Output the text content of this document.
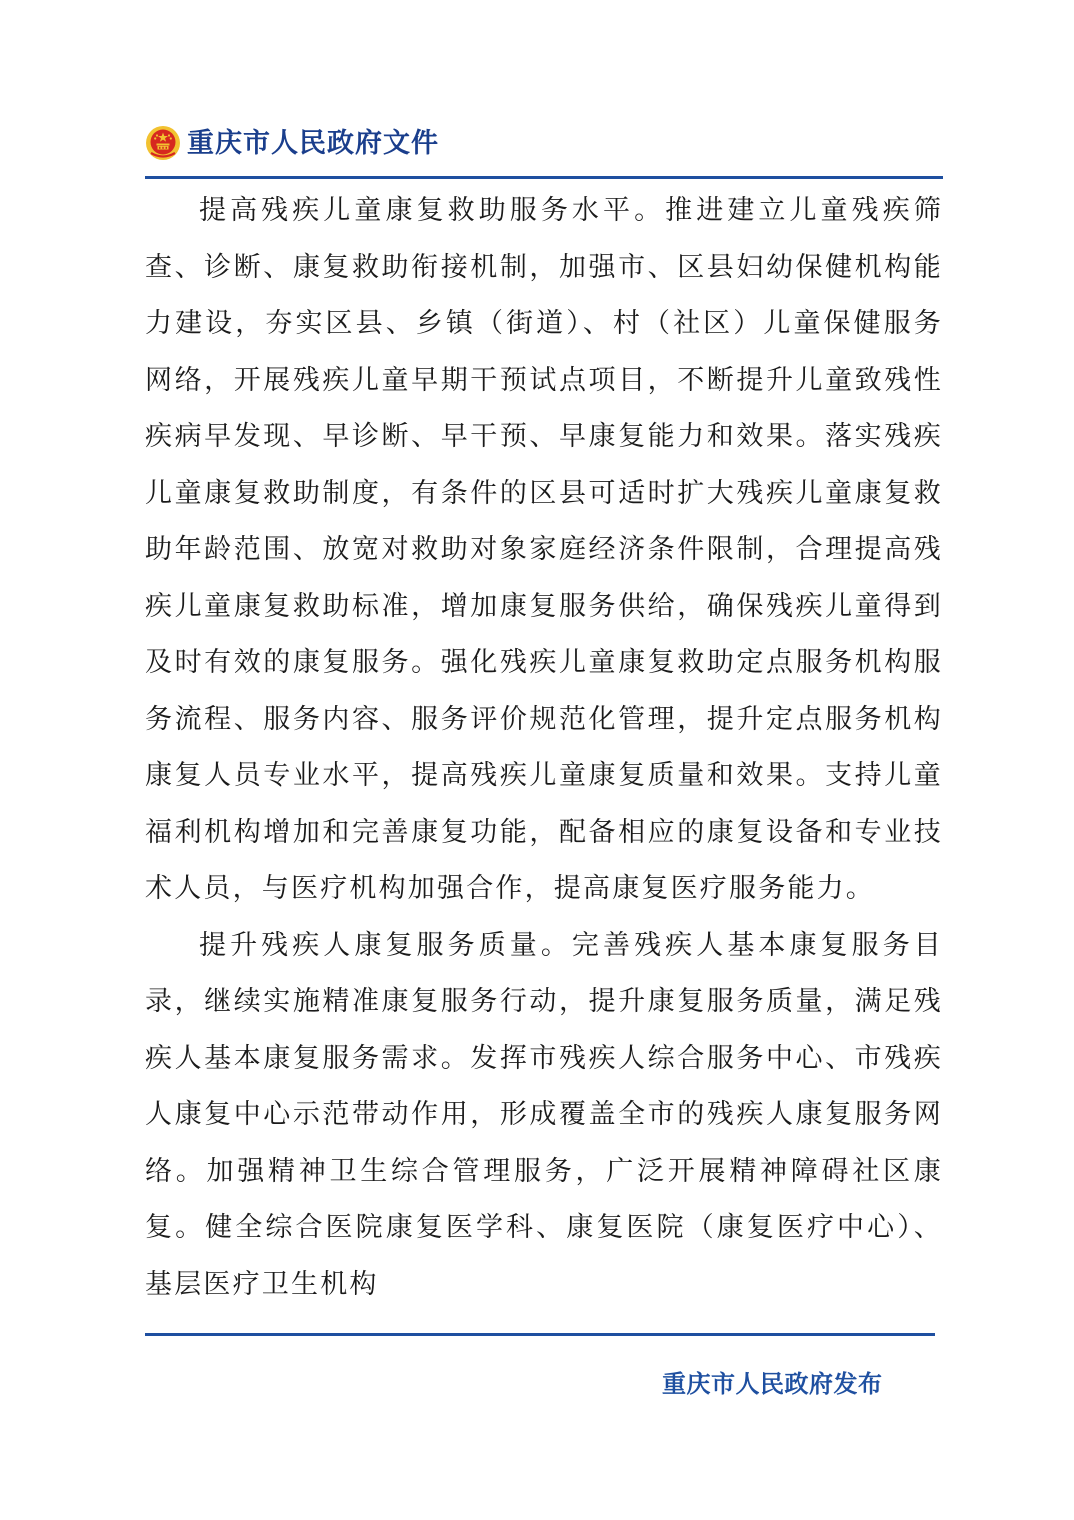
重庆市人民政府文件

提高残疾儿童康复救助服务水平。推进建立儿童残疾筛查、诊断、康复救助衔接机制，加强市、区县妇幼保健机构能力建设，夯实区县、乡镇（街道）、村（社区）儿童保健服务网络，开展残疾儿童早期干预试点项目，不断提升儿童致残性疾病早发现、早诊断、早干预、早康复能力和效果。落实残疾儿童康复救助制度，有条件的区县可适时扩大残疾儿童康复救助年龄范围、放宽对救助对象家庭经济条件限制，合理提高残疾儿童康复救助标准，增加康复服务供给，确保残疾儿童得到及时有效的康复服务。强化残疾儿童康复救助定点服务机构服务流程、服务内容、服务评价规范化管理，提升定点服务机构康复人员专业水平，提高残疾儿童康复质量和效果。支持儿童福利机构增加和完善康复功能，配备相应的康复设备和专业技术人员，与医疗机构加强合作，提高康复医疗服务能力。

提升残疾人康复服务质量。完善残疾人基本康复服务目录，继续实施精准康复服务行动，提升康复服务质量，满足残疾人基本康复服务需求。发挥市残疾人综合服务中心、市残疾人康复中心示范带动作用，形成覆盖全市的残疾人康复服务网络。加强精神卫生综合管理服务，广泛开展精神障碍社区康复。健全综合医院康复医学科、康复医院（康复医疗中心）、基层医疗卫生机构

重庆市人民政府发布
